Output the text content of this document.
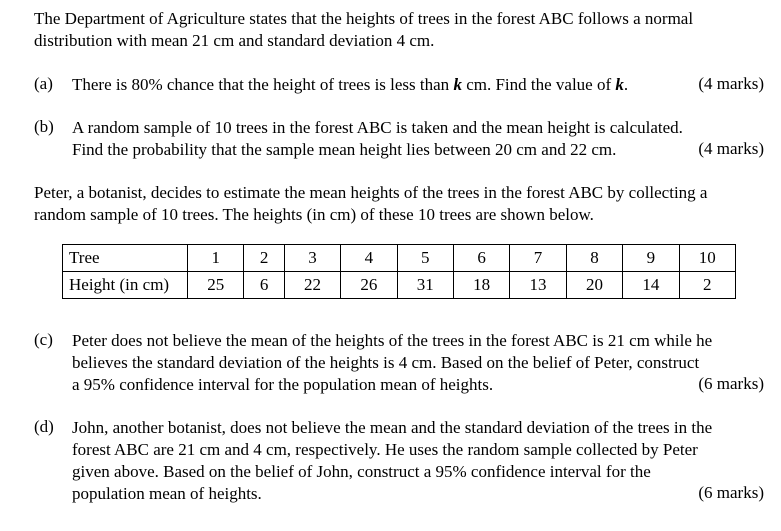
The Department of Agriculture states that the heights of trees in the forest ABC follows a normal
distribution with mean 21 cm and standard deviation 4 cm.
(a) There is 80% chance that the height of trees is less than k cm. Find the value of k.	(4 marks)
(b) A random sample of 10 trees in the forest ABC is taken and the mean height is calculated.
Find the probability that the sample mean height lies between 20 cm and 22 cm.	(4 marks)
Peter, a botanist, decides to estimate the mean heights of the trees in the forest ABC by collecting a
random sample of 10 trees. The heights (in cm) of these 10 trees are shown below.
Tree	1	2	3	4	5	6	7	8	9	10
Height (in cm)	25	6	22	26	31	18	13	20	14	2
(c) Peter does not believe the mean of the heights of the trees in the forest ABC is 21 cm while he
believes the standard deviation of the heights is 4 cm. Based on the belief of Peter, construct
a 95% confidence interval for the population mean of heights.	(6 marks)
(d) John, another botanist, does not believe the mean and the standard deviation of the trees in the
forest ABC are 21 cm and 4 cm, respectively. He uses the random sample collected by Peter
given above. Based on the belief of John, construct a 95% confidence interval for the
population mean of heights.	(6 marks)
